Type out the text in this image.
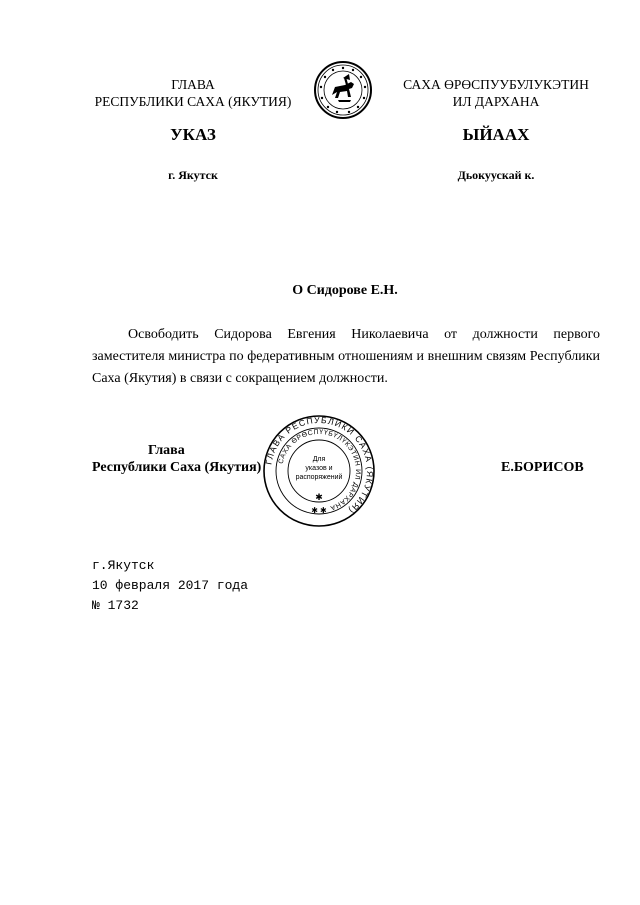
ГЛАВА
РЕСПУБЛИКИ САХА (ЯКУТИЯ)
САХА ӨРӨСПУУБУЛУКЭТИН
ИЛ ДАРХАНА
УКАЗ	ЫЙААХ
г. Якутск	Дьокуускай к.
О Сидорове Е.Н.
Освободить Сидорова Евгения Николаевича от должности первого заместителя министра по федеративным отношениям и внешним связям Республики Саха (Якутия) в связи с сокращением должности.
Глава
Республики Саха (Якутия)	Е.БОРИСОВ
ГЛАВА РЕСПУБЛИКИ САХА (ЯКУТИЯ)
САХА ӨРӨСПҮҮБҮЛҮКЭТИН ИЛ ДАРХАНА
Для
указов и
распоряжений
✱
✱ ✱
г.Якутск
10 февраля 2017 года
№ 1732
